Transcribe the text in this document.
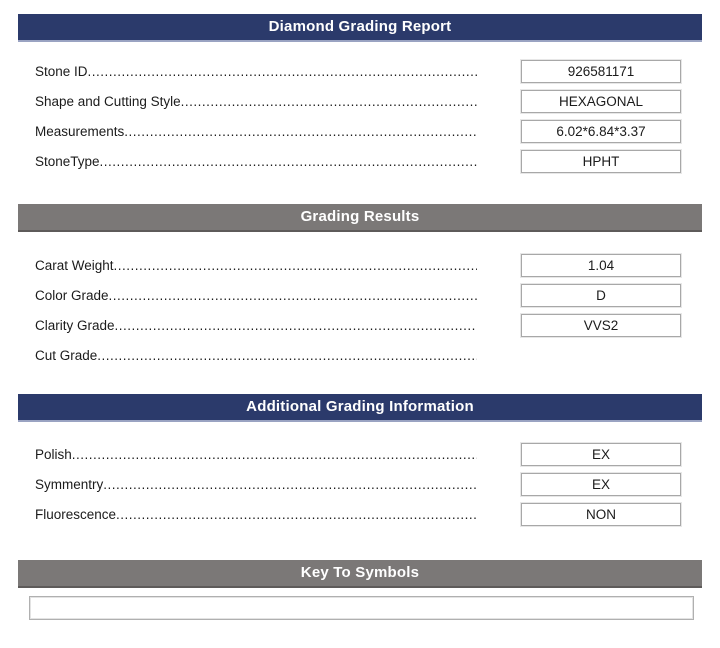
Diamond Grading Report
Stone ID .....	926581171
Shape and Cutting Style .....	HEXAGONAL
Measurements .....	6.02*6.84*3.37
StoneType .....	HPHT
Grading Results
Carat Weight .....	1.04
Color Grade .....	D
Clarity Grade .....	VVS2
Cut Grade
.....
Additional Grading Information
Polish .....	EX
Symmentry .....	EX
Fluorescence .....	NON
Key To Symbols
